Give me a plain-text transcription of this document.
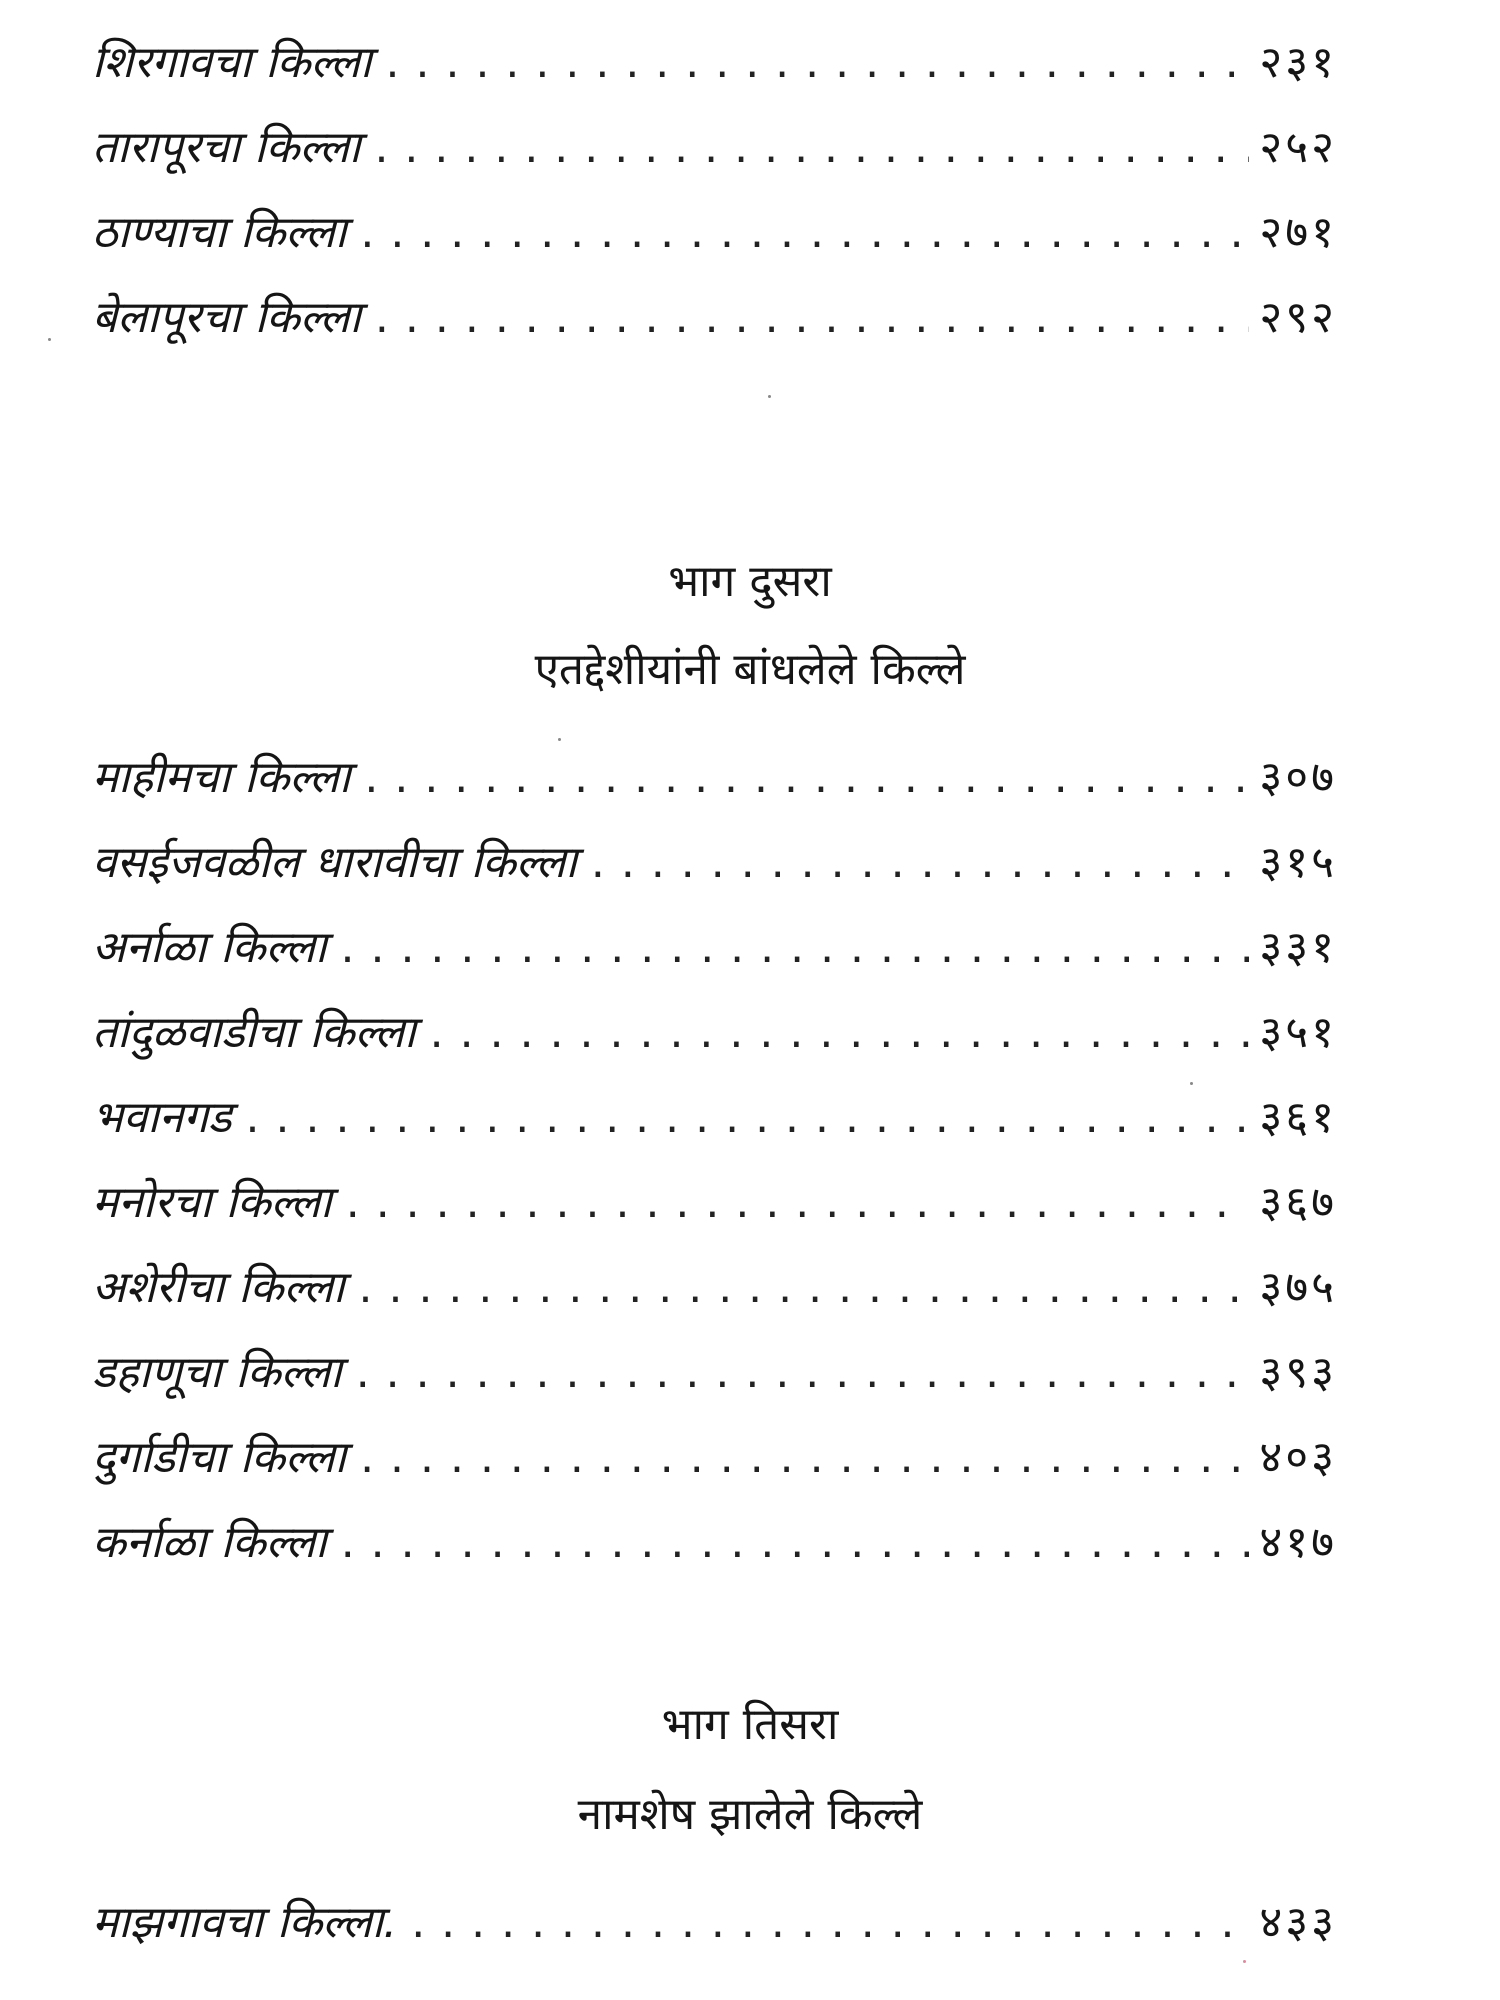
शिरगावचा किल्ला . . .	२३१
तारापूरचा किल्ला . . .	२५२
ठाण्याचा किल्ला . . .	२७१
बेलापूरचा किल्ला . . .	२९२
भाग दुसरा
एतद्देशीयांनी बांधलेले किल्ले
माहीमचा किल्ला . . .	३०७
वसईजवळील धारावीचा किल्ला . . .	३१५
अर्नाळा किल्ला . . .	३३१
तांदुळवाडीचा किल्ला . . .	३५१
भवानगड . . .	३६१
मनोरचा किल्ला . . .	३६७
अशेरीचा किल्ला . . .	३७५
डहाणूचा किल्ला . . .	३९३
दुर्गाडीचा किल्ला . . .	४०३
कर्नाळा किल्ला . . .	४१७
भाग तिसरा
नामशेष झालेले किल्ले
माझगावचा किल्ला. . . .	४३३
